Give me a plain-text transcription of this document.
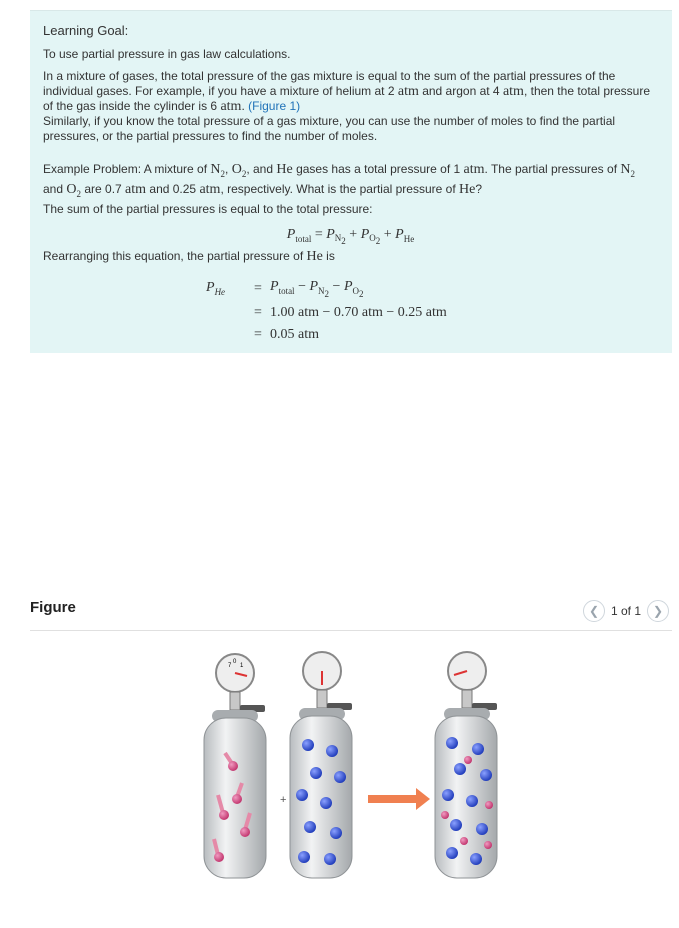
Learning Goal:

To use partial pressure in gas law calculations.

In a mixture of gases, the total pressure of the gas mixture is equal to the sum of the partial pressures of the individual gases. For example, if you have a mixture of helium at 2 atm and argon at 4 atm, then the total pressure of the gas inside the cylinder is 6 atm. (Figure 1)

Similarly, if you know the total pressure of a gas mixture, you can use the number of moles to find the partial pressures, or the partial pressures to find the number of moles.

Example Problem: A mixture of $N_2$, $O_2$, and He gases has a total pressure of 1 atm. The partial pressures of $N_2$ and $O_2$ are 0.7 atm and 0.25 atm, respectively. What is the partial pressure of He?

The sum of the partial pressures is equal to the total pressure:

$P_{total} = P_{N_2} + P_{O_2} + P_{He}$

Rearranging this equation, the partial pressure of He is

$P_{He}$	=	$P_{total} - P_{N_2} - P_{O_2}$
	=	1.00 atm − 0.70 atm − 0.25 atm
	=	0.05 atm
Figure	❮ 1 of 1 ❯
7
0
1
+
